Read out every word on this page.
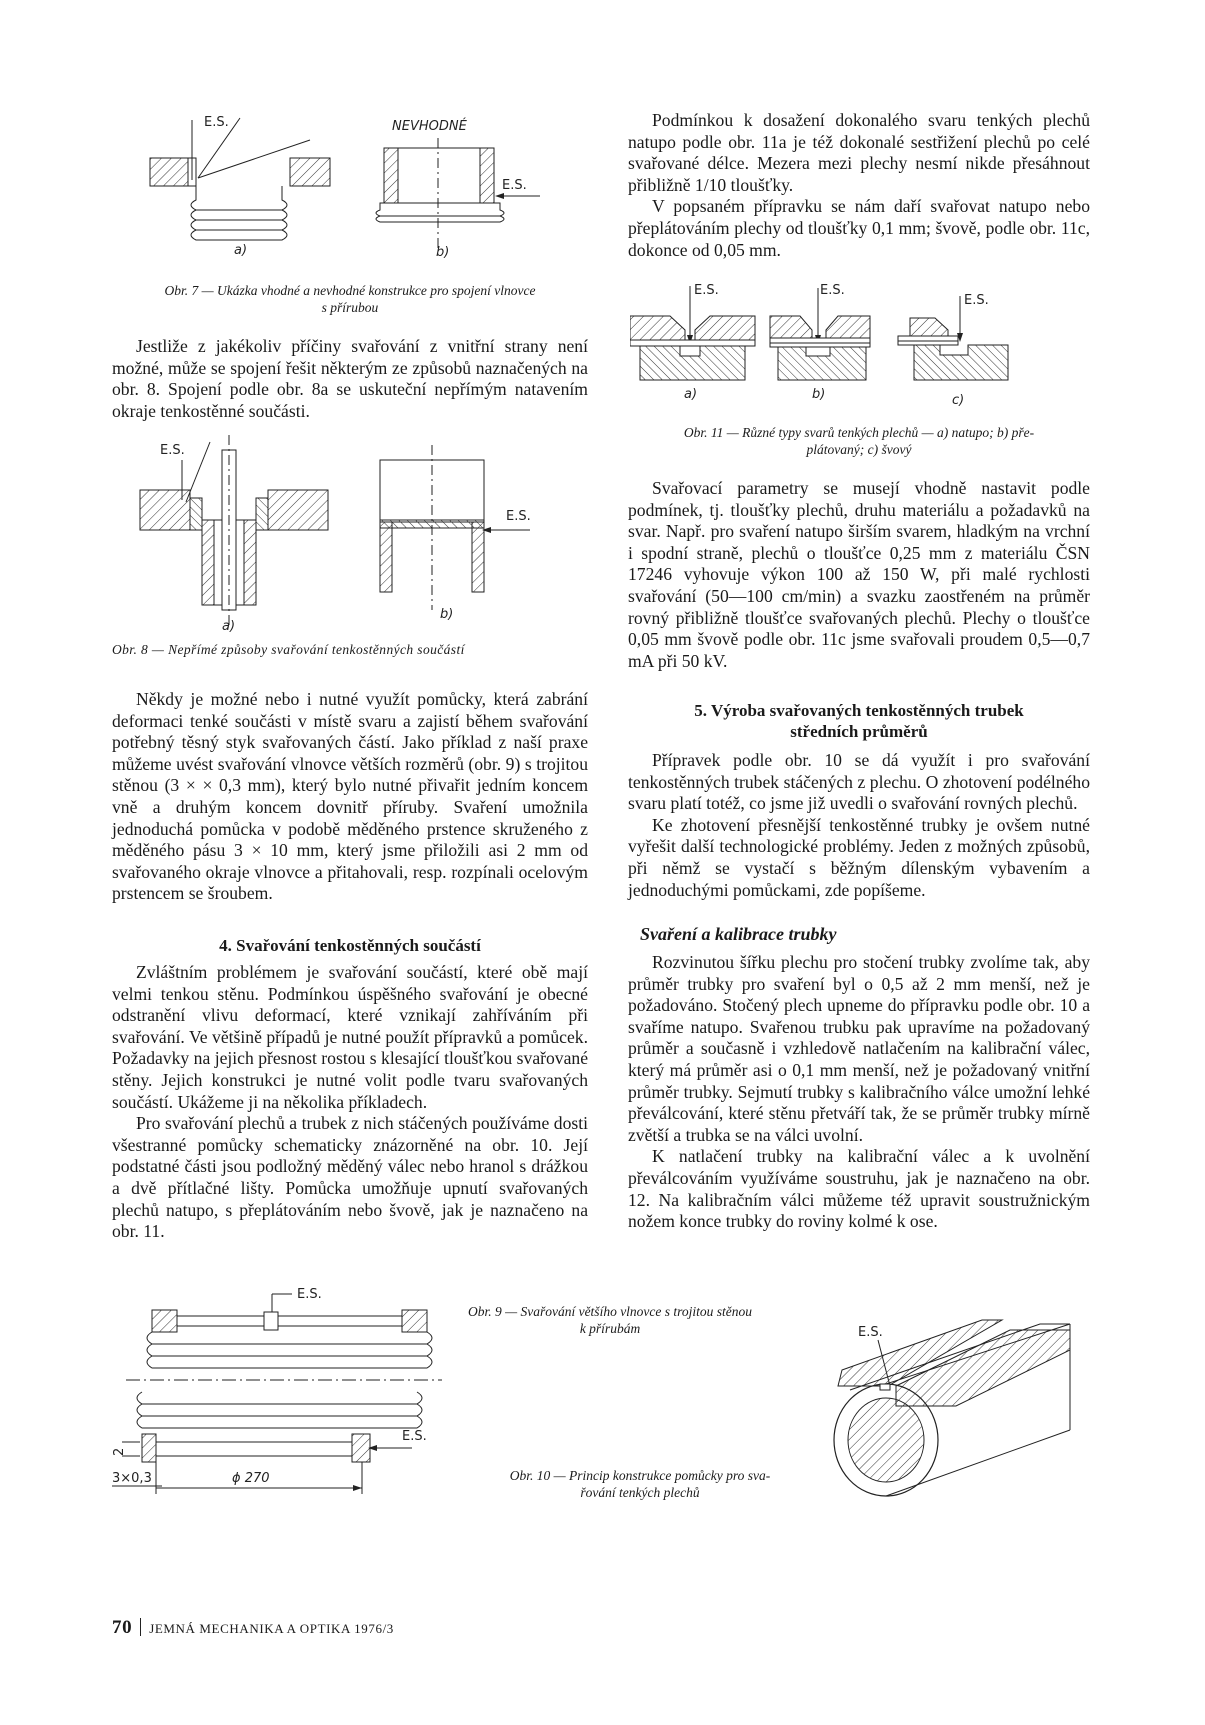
E.S.
a)
NEVHODNÉ
E.S.
b)

Obr. 7 — Ukázka vhodné a nevhodné konstrukce pro spojení vlnovce
s přírubou

Jestliže z jakékoliv příčiny svařování z vnitřní strany není možné, může se spojení řešit některým ze způsobů naznačených na obr. 8. Spojení podle obr. 8a se uskuteční nepřímým natavením okraje tenkostěnné součásti.

E.S.
a)
E.S.
b)

Obr. 8 — Nepřímé způsoby svařování tenkostěnných součástí

Někdy je možné nebo i nutné využít pomůcky, která zabrání deformaci tenké součásti v místě svaru a zajistí během svařování potřebný těsný styk svařovaných částí. Jako příklad z naší praxe můžeme uvést svařování vlnovce větších rozměrů (obr. 9) s trojitou stěnou (3 × × 0,3 mm), který bylo nutné přivařit jedním koncem vně a druhým koncem dovnitř příruby. Svaření umožnila jednoduchá pomůcka v podobě měděného prstence skruženého z měděného pásu 3 × 10 mm, který jsme přiložili asi 2 mm od svařovaného okraje vlnovce a přitahovali, resp. rozpínali ocelovým prstencem se šroubem.

4. Svařování tenkostěnných součástí

Zvláštním problémem je svařování součástí, které obě mají velmi tenkou stěnu. Podmínkou úspěšného svařování je obecné odstranění vlivu deformací, které vznikají zahříváním při svařování. Ve většině případů je nutné použít přípravků a pomůcek. Požadavky na jejich přesnost rostou s klesající tloušťkou svařované stěny. Jejich konstrukci je nutné volit podle tvaru svařovaných součástí. Ukážeme ji na několika příkladech.

Pro svařování plechů a trubek z nich stáčených používáme dosti všestranné pomůcky schematicky znázorněné na obr. 10. Její podstatné části jsou podložný měděný válec nebo hranol s drážkou a dvě přítlačné lišty. Pomůcka umožňuje upnutí svařovaných plechů natupo, s přeplátováním nebo švově, jak je naznačeno na obr. 11.

Podmínkou k dosažení dokonalého svaru tenkých plechů natupo podle obr. 11a je též dokonalé sestřižení plechů po celé svařované délce. Mezera mezi plechy nesmí nikde přesáhnout přibližně 1/10 tloušťky.

V popsaném přípravku se nám daří svařovat natupo nebo přeplátováním plechy od tloušťky 0,1 mm; švově, podle obr. 11c, dokonce od 0,05 mm.

E.S.
a)
E.S.
b)
E.S.
c)

Obr. 11 — Různé typy svarů tenkých plechů — a) natupo; b) pře-
plátovaný; c) švový

Svařovací parametry se musejí vhodně nastavit podle podmínek, tj. tloušťky plechů, druhu materiálu a požadavků na svar. Např. pro svaření natupo širším svarem, hladkým na vrchní i spodní straně, plechů o tloušťce 0,25 mm z materiálu ČSN 17246 vyhovuje výkon 100 až 150 W, při malé rychlosti svařování (50—100 cm/min) a svazku zaostřeném na průměr rovný přibližně tloušťce svařovaných plechů. Plechy o tloušťce 0,05 mm švově podle obr. 11c jsme svařovali proudem 0,5—0,7 mA při 50 kV.

5. Výroba svařovaných tenkostěnných trubek
středních průměrů

Přípravek podle obr. 10 se dá využít i pro svařování tenkostěnných trubek stáčených z plechu. O zhotovení podélného svaru platí totéž, co jsme již uvedli o svařování rovných plechů.

Ke zhotovení přesnější tenkostěnné trubky je ovšem nutné vyřešit další technologické problémy. Jeden z možných způsobů, při němž se vystačí s běžným dílenským vybavením a jednoduchými pomůckami, zde popíšeme.

Svaření a kalibrace trubky

Rozvinutou šířku plechu pro stočení trubky zvolíme tak, aby průměr trubky pro svaření byl o 0,5 až 2 mm menší, než je požadováno. Stočený plech upneme do přípravku podle obr. 10 a svaříme natupo. Svařenou trubku pak upravíme na požadovaný průměr a současně i vzhledově natlačením na kalibrační válec, který má průměr asi o 0,1 mm menší, než je požadovaný vnitřní průměr trubky. Sejmutí trubky s kalibračního válce umožní lehké převálcování, které stěnu přetváří tak, že se průměr trubky mírně zvětší a trubka se na válci uvolní.

K natlačení trubky na kalibrační válec a k uvolnění převálcováním využíváme soustruhu, jak je naznačeno na obr. 12. Na kalibračním válci můžeme též upravit soustružnickým nožem konce trubky do roviny kolmé k ose.

E.S.
E.S.
2
3×0,3	ϕ 270

Obr. 9 — Svařování většího vlnovce s trojitou stěnou
k přírubám

Obr. 10 — Princip konstrukce pomůcky pro sva-
řování tenkých plechů

E.S.
70 JEMNÁ MECHANIKA A OPTIKA 1976/3
